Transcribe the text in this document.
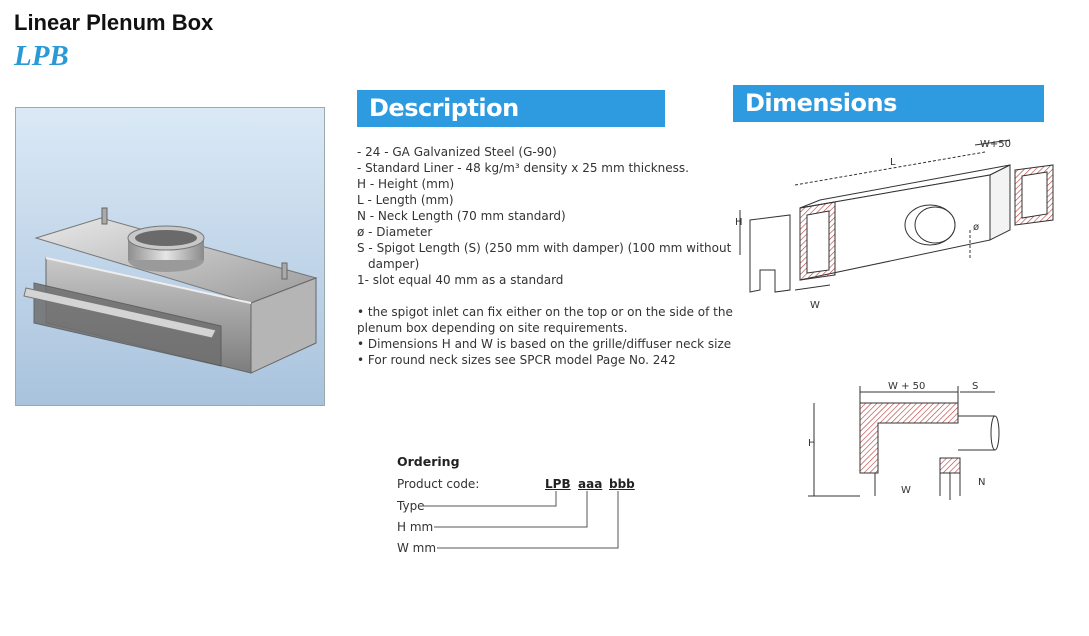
Linear Plenum Box
LPB
Description	Dimensions
- 24 - GA Galvanized Steel (G-90)
- Standard Liner - 48 kg/m³ density x 25 mm thickness.
H - Height (mm)
L - Length (mm)
N - Neck Length (70 mm standard)
ø - Diameter
S - Spigot Length (S) (250 mm with damper) (100 mm without
damper)
1- slot equal 40 mm as a standard
• the spigot inlet can fix either on the top or on the side of the
plenum box depending on site requirements.
• Dimensions H and W is based on the grille/diffuser neck size
• For round neck sizes see SPCR model Page No. 242
Ordering
Product code:	LPB aaa bbb
Type
H mm
W mm
W+50
L
H
W
ø
W + 50	S
H
W
N
